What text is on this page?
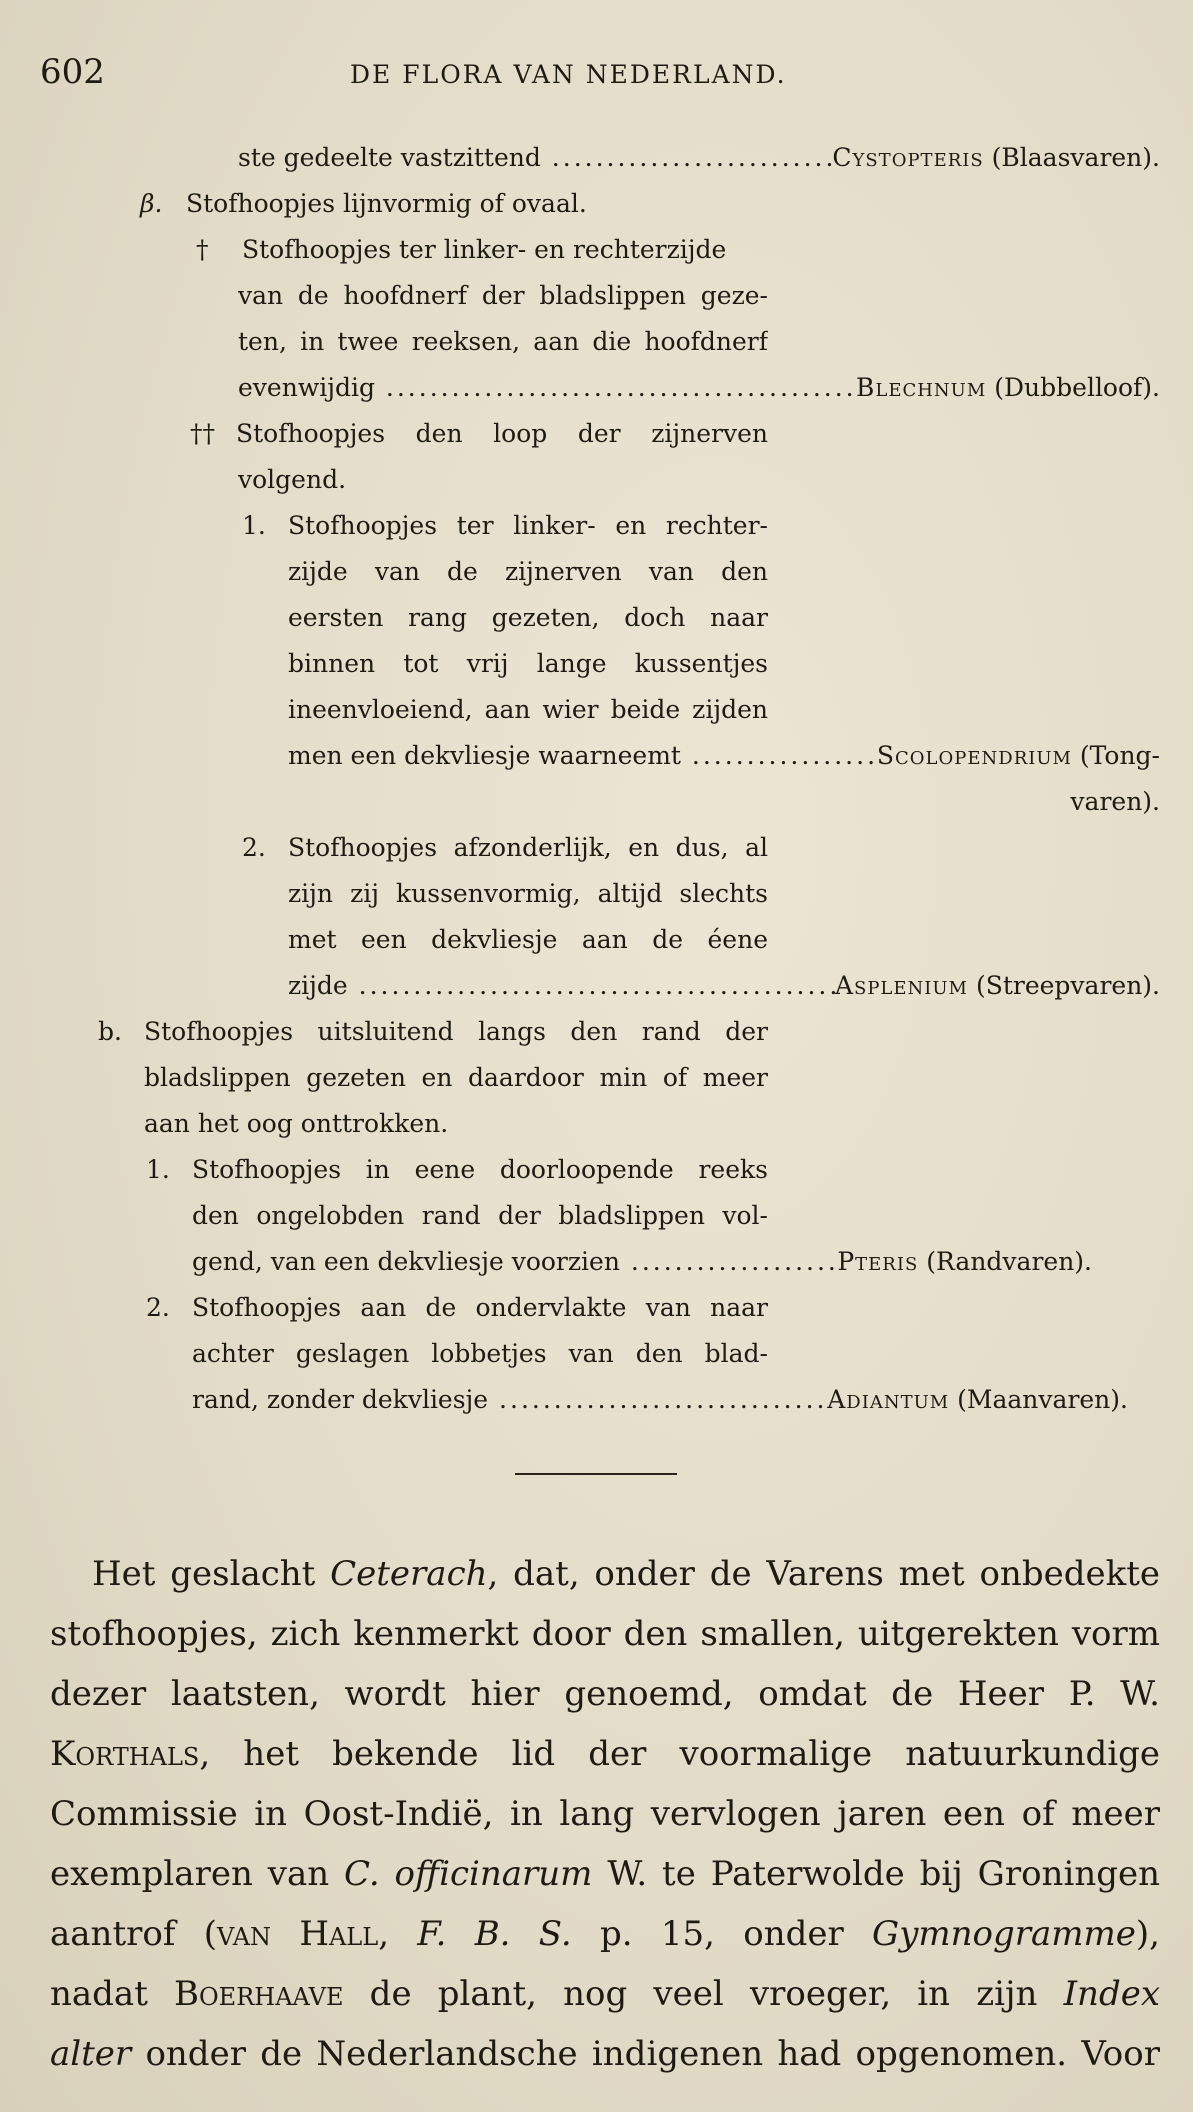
602	DE FLORA VAN NEDERLAND.
ste gedeelte vastzittend .....	Cystopteris (Blaasvaren).
β. Stofhoopjes lijnvormig of ovaal.
†	Stofhoopjes ter linker- en rechterzijde
van de hoofdnerf der bladslippen geze-
ten, in twee reeksen, aan die hoofdnerf
evenwijdig .....	Blechnum (Dubbelloof).
†† Stofhoopjes den loop der zijnerven
volgend.
1. Stofhoopjes ter linker- en rechter-
zijde van de zijnerven van den
eersten rang gezeten, doch naar
binnen tot vrij lange kussentjes
ineenvloeiend, aan wier beide zijden
men een dekvliesje waarneemt .....	Scolopendrium (Tong-
varen).
2. Stofhoopjes afzonderlijk, en dus, al
zijn zij kussenvormig, altijd slechts
met een dekvliesje aan de éene
zijde .....	Asplenium (Streepvaren).
b. Stofhoopjes uitsluitend langs den rand der
bladslippen gezeten en daardoor min of meer
aan het oog onttrokken.
1. Stofhoopjes in eene doorloopende reeks
den ongelobden rand der bladslippen vol-
gend, van een dekvliesje voorzien .....	Pteris (Randvaren).
2. Stofhoopjes aan de ondervlakte van naar
achter geslagen lobbetjes van den blad-
rand, zonder dekvliesje .....	Adiantum (Maanvaren).
Het geslacht Ceterach, dat, onder de Varens met onbedekte
stofhoopjes, zich kenmerkt door den smallen, uitgerekten vorm
dezer laatsten, wordt hier genoemd, omdat de Heer P. W.
Korthals, het bekende lid der voormalige natuurkundige
Commissie in Oost-Indië, in lang vervlogen jaren een of meer
exemplaren van C. officinarum W. te Paterwolde bij Groningen
aantrof (van Hall, F. B. S. p. 15, onder Gymnogramme),
nadat Boerhaave de plant, nog veel vroeger, in zijn Index
alter onder de Nederlandsche indigenen had opgenomen. Voor
